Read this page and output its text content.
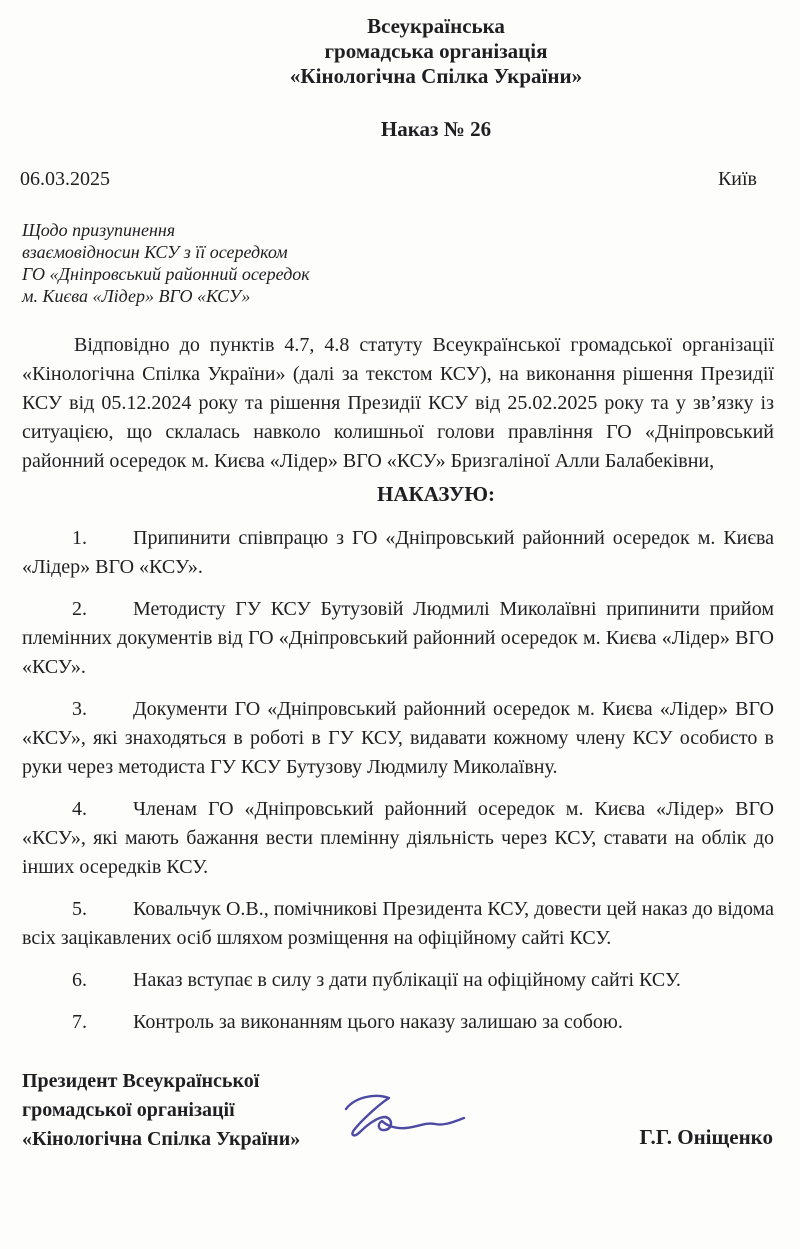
Всеукраїнська
громадська організація
«Кінологічна Спілка України»
Наказ № 26
06.03.2025	Київ
Щодо призупинення
взаємовідносин КСУ з її осередком
ГО «Дніпровський районний осередок
м. Києва «Лідер» ВГО «КСУ»

Відповідно до пунктів 4.7, 4.8 статуту Всеукраїнської громадської організації «Кінологічна Спілка України» (далі за текстом КСУ), на виконання рішення Президії КСУ від 05.12.2024 року та рішення Президії КСУ від 25.02.2025 року та у зв’язку із ситуацією, що склалась навколо колишньої голови правління ГО «Дніпровський районний осередок м. Києва «Лідер» ВГО «КСУ» Бризгаліної Алли Балабеківни,

НАКАЗУЮ:

1. Припинити співпрацю з ГО «Дніпровський районний осередок м. Києва «Лідер» ВГО «КСУ».

2. Методисту ГУ КСУ Бутузовій Людмилі Миколаївні припинити прийом племінних документів від ГО «Дніпровський районний осередок м. Києва «Лідер» ВГО «КСУ».

3. Документи ГО «Дніпровський районний осередок м. Києва «Лідер» ВГО «КСУ», які знаходяться в роботі в ГУ КСУ, видавати кожному члену КСУ особисто в руки через методиста ГУ КСУ Бутузову Людмилу Миколаївну.

4. Членам ГО «Дніпровський районний осередок м. Києва «Лідер» ВГО «КСУ», які мають бажання вести племінну діяльність через КСУ, ставати на облік до інших осередків КСУ.

5. Ковальчук О.В., помічникові Президента КСУ, довести цей наказ до відома всіх зацікавлених осіб шляхом розміщення на офіційному сайті КСУ.

6. Наказ вступає в силу з дати публікації на офіційному сайті КСУ.

7. Контроль за виконанням цього наказу залишаю за собою.

Президент Всеукраїнської
громадської організації
«Кінологічна Спілка України»	Г.Г. Оніщенко
